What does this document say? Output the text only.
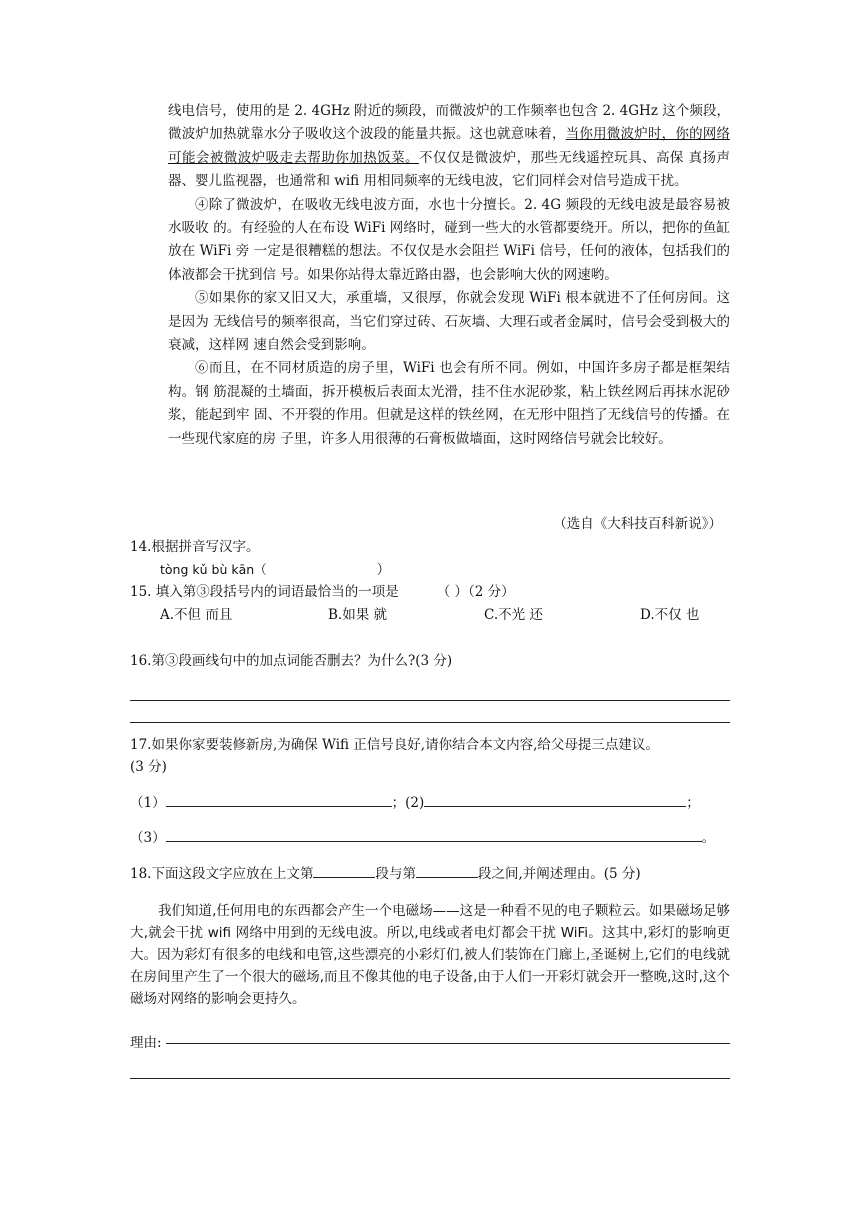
线电信号，使用的是 2. 4GHz 附近的频段，而微波炉的工作频率也包含 2. 4GHz 这个频段，微波炉加热就靠水分子吸收这个波段的能量共振。这也就意味着，当你用微波炉时，你的网络可能会被微波炉吸走去帮助你加热饭菜。不仅仅是微波炉，那些无线遥控玩具、高保 真扬声器、婴儿监视器，也通常和 wifi 用相同频率的无线电波，它们同样会对信号造成干扰。

④除了微波炉，在吸收无线电波方面，水也十分擅长。2. 4G 频段的无线电波是最容易被水吸收 的。有经验的人在布设 WiFi 网络时，碰到一些大的水管都要绕开。所以，把你的鱼缸放在 WiFi 旁 一定是很糟糕的想法。不仅仅是水会阻拦 WiFi 信号，任何的液体，包括我们的体液都会干扰到信 号。如果你站得太靠近路由器，也会影响大伙的网速哟。

⑤如果你的家又旧又大，承重墙，又很厚，你就会发现 WiFi 根本就进不了任何房间。这是因为 无线信号的频率很高，当它们穿过砖、石灰墙、大理石或者金属时，信号会受到极大的衰减，这样网 速自然会受到影响。

⑥而且，在不同材质造的房子里，WiFi 也会有所不同。例如，中国许多房子都是框架结构。钢 筋混凝的土墙面，拆开模板后表面太光滑，挂不住水泥砂浆，粘上铁丝网后再抹水泥砂浆，能起到牢 固、不开裂的作用。但就是这样的铁丝网，在无形中阻挡了无线信号的传播。在一些现代家庭的房 子里，许多人用很薄的石膏板做墙面，这时网络信号就会比较好。

（选自《大科技百科新说》）
14.根据拼音写汉字。
tòng kǔ bù kān（	）
15. 填入第③段括号内的词语最恰当的一项是	（ ）（2 分）
A.不但 而且	B.如果 就	C.不光 还	D.不仅 也
16.第③段画线句中的加点词能否删去？为什么?(3 分)
17.如果你家要装修新房,为确保 Wifi 正信号良好,请你结合本文内容,给父母提三点建议。
(3 分)
（1）	；(2)	；
（3）	。
18.下面这段文字应放在上文第	段与第	段之间,并阐述理由。(5 分)

我们知道,任何用电的东西都会产生一个电磁场——这是一种看不见的电子颗粒云。如果磁场足够大,就会干扰 wifi 网络中用到的无线电波。所以,电线或者电灯都会干扰 WiFi。这其中,彩灯的影响更大。因为彩灯有很多的电线和电管,这些漂亮的小彩灯们,被人们装饰在门廊上,圣诞树上,它们的电线就在房间里产生了一个很大的磁场,而且不像其他的电子设备,由于人们一开彩灯就会开一整晚,这时,这个磁场对网络的影响会更持久。

理由:
